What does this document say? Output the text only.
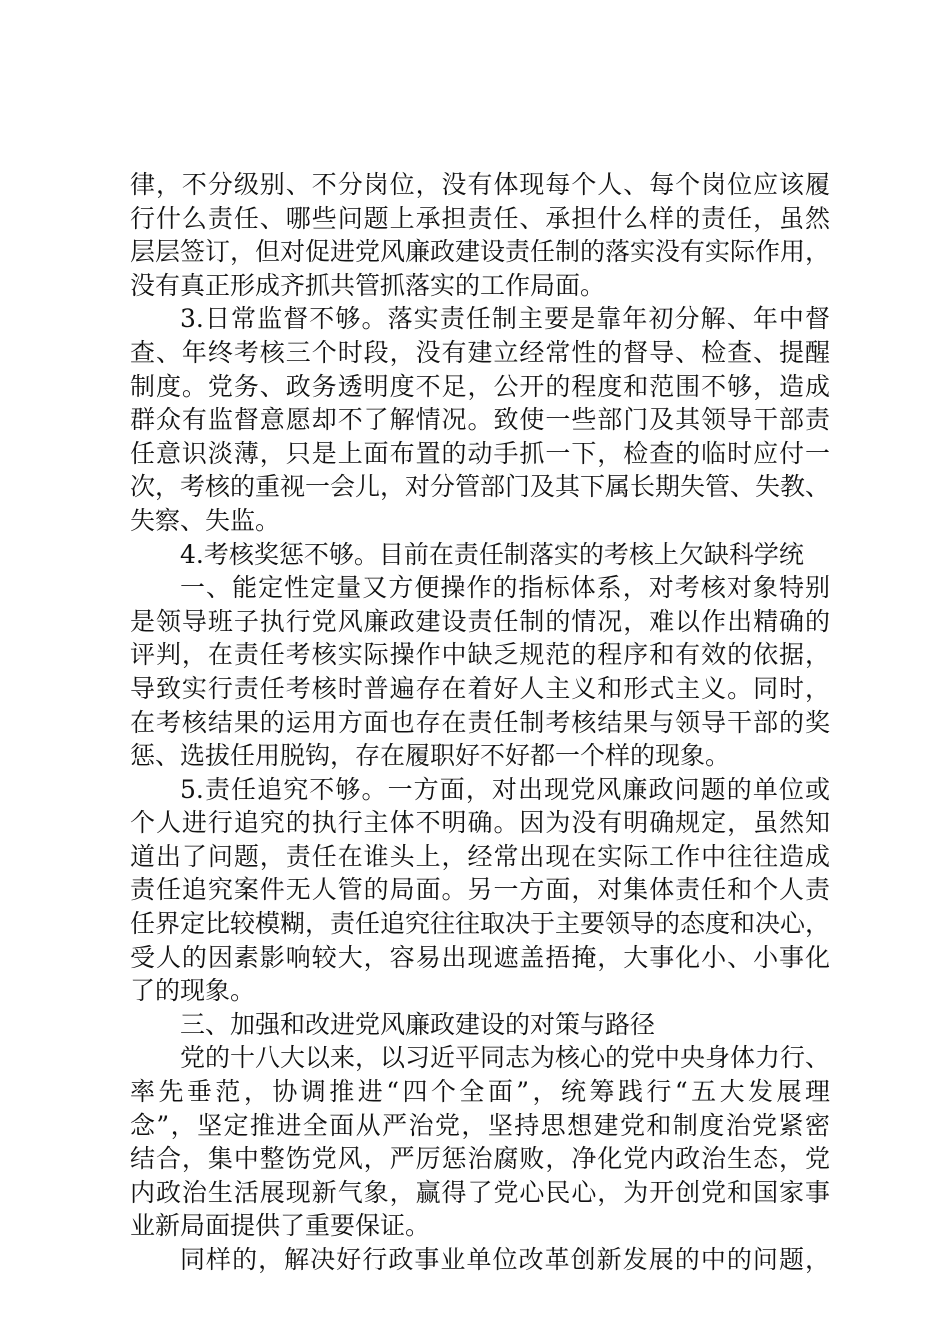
律，不分级别、不分岗位，没有体现每个人、每个岗位应该履
行什么责任、哪些问题上承担责任、承担什么样的责任，虽然
层层签订，但对促进党风廉政建设责任制的落实没有实际作用，
没有真正形成齐抓共管抓落实的工作局面。
3.日常监督不够。落实责任制主要是靠年初分解、年中督
查、年终考核三个时段，没有建立经常性的督导、检查、提醒
制度。党务、政务透明度不足，公开的程度和范围不够，造成
群众有监督意愿却不了解情况。致使一些部门及其领导干部责
任意识淡薄，只是上面布置的动手抓一下，检查的临时应付一
次，考核的重视一会儿，对分管部门及其下属长期失管、失教、
失察、失监。
4.考核奖惩不够。目前在责任制落实的考核上欠缺科学统
一、能定性定量又方便操作的指标体系，对考核对象特别
是领导班子执行党风廉政建设责任制的情况，难以作出精确的
评判，在责任考核实际操作中缺乏规范的程序和有效的依据，
导致实行责任考核时普遍存在着好人主义和形式主义。同时，
在考核结果的运用方面也存在责任制考核结果与领导干部的奖
惩、选拔任用脱钩，存在履职好不好都一个样的现象。
5.责任追究不够。一方面，对出现党风廉政问题的单位或
个人进行追究的执行主体不明确。因为没有明确规定，虽然知
道出了问题，责任在谁头上，经常出现在实际工作中往往造成
责任追究案件无人管的局面。另一方面，对集体责任和个人责
任界定比较模糊，责任追究往往取决于主要领导的态度和决心，
受人的因素影响较大，容易出现遮盖捂掩，大事化小、小事化
了的现象。
三、加强和改进党风廉政建设的对策与路径
党的十八大以来，以习近平同志为核心的党中央身体力行、
率先垂范，协调推进“四个全面”，统筹践行“五大发展理
念”，坚定推进全面从严治党，坚持思想建党和制度治党紧密
结合，集中整饬党风，严厉惩治腐败，净化党内政治生态，党
内政治生活展现新气象，赢得了党心民心，为开创党和国家事
业新局面提供了重要保证。
同样的，解决好行政事业单位改革创新发展的中的问题，
